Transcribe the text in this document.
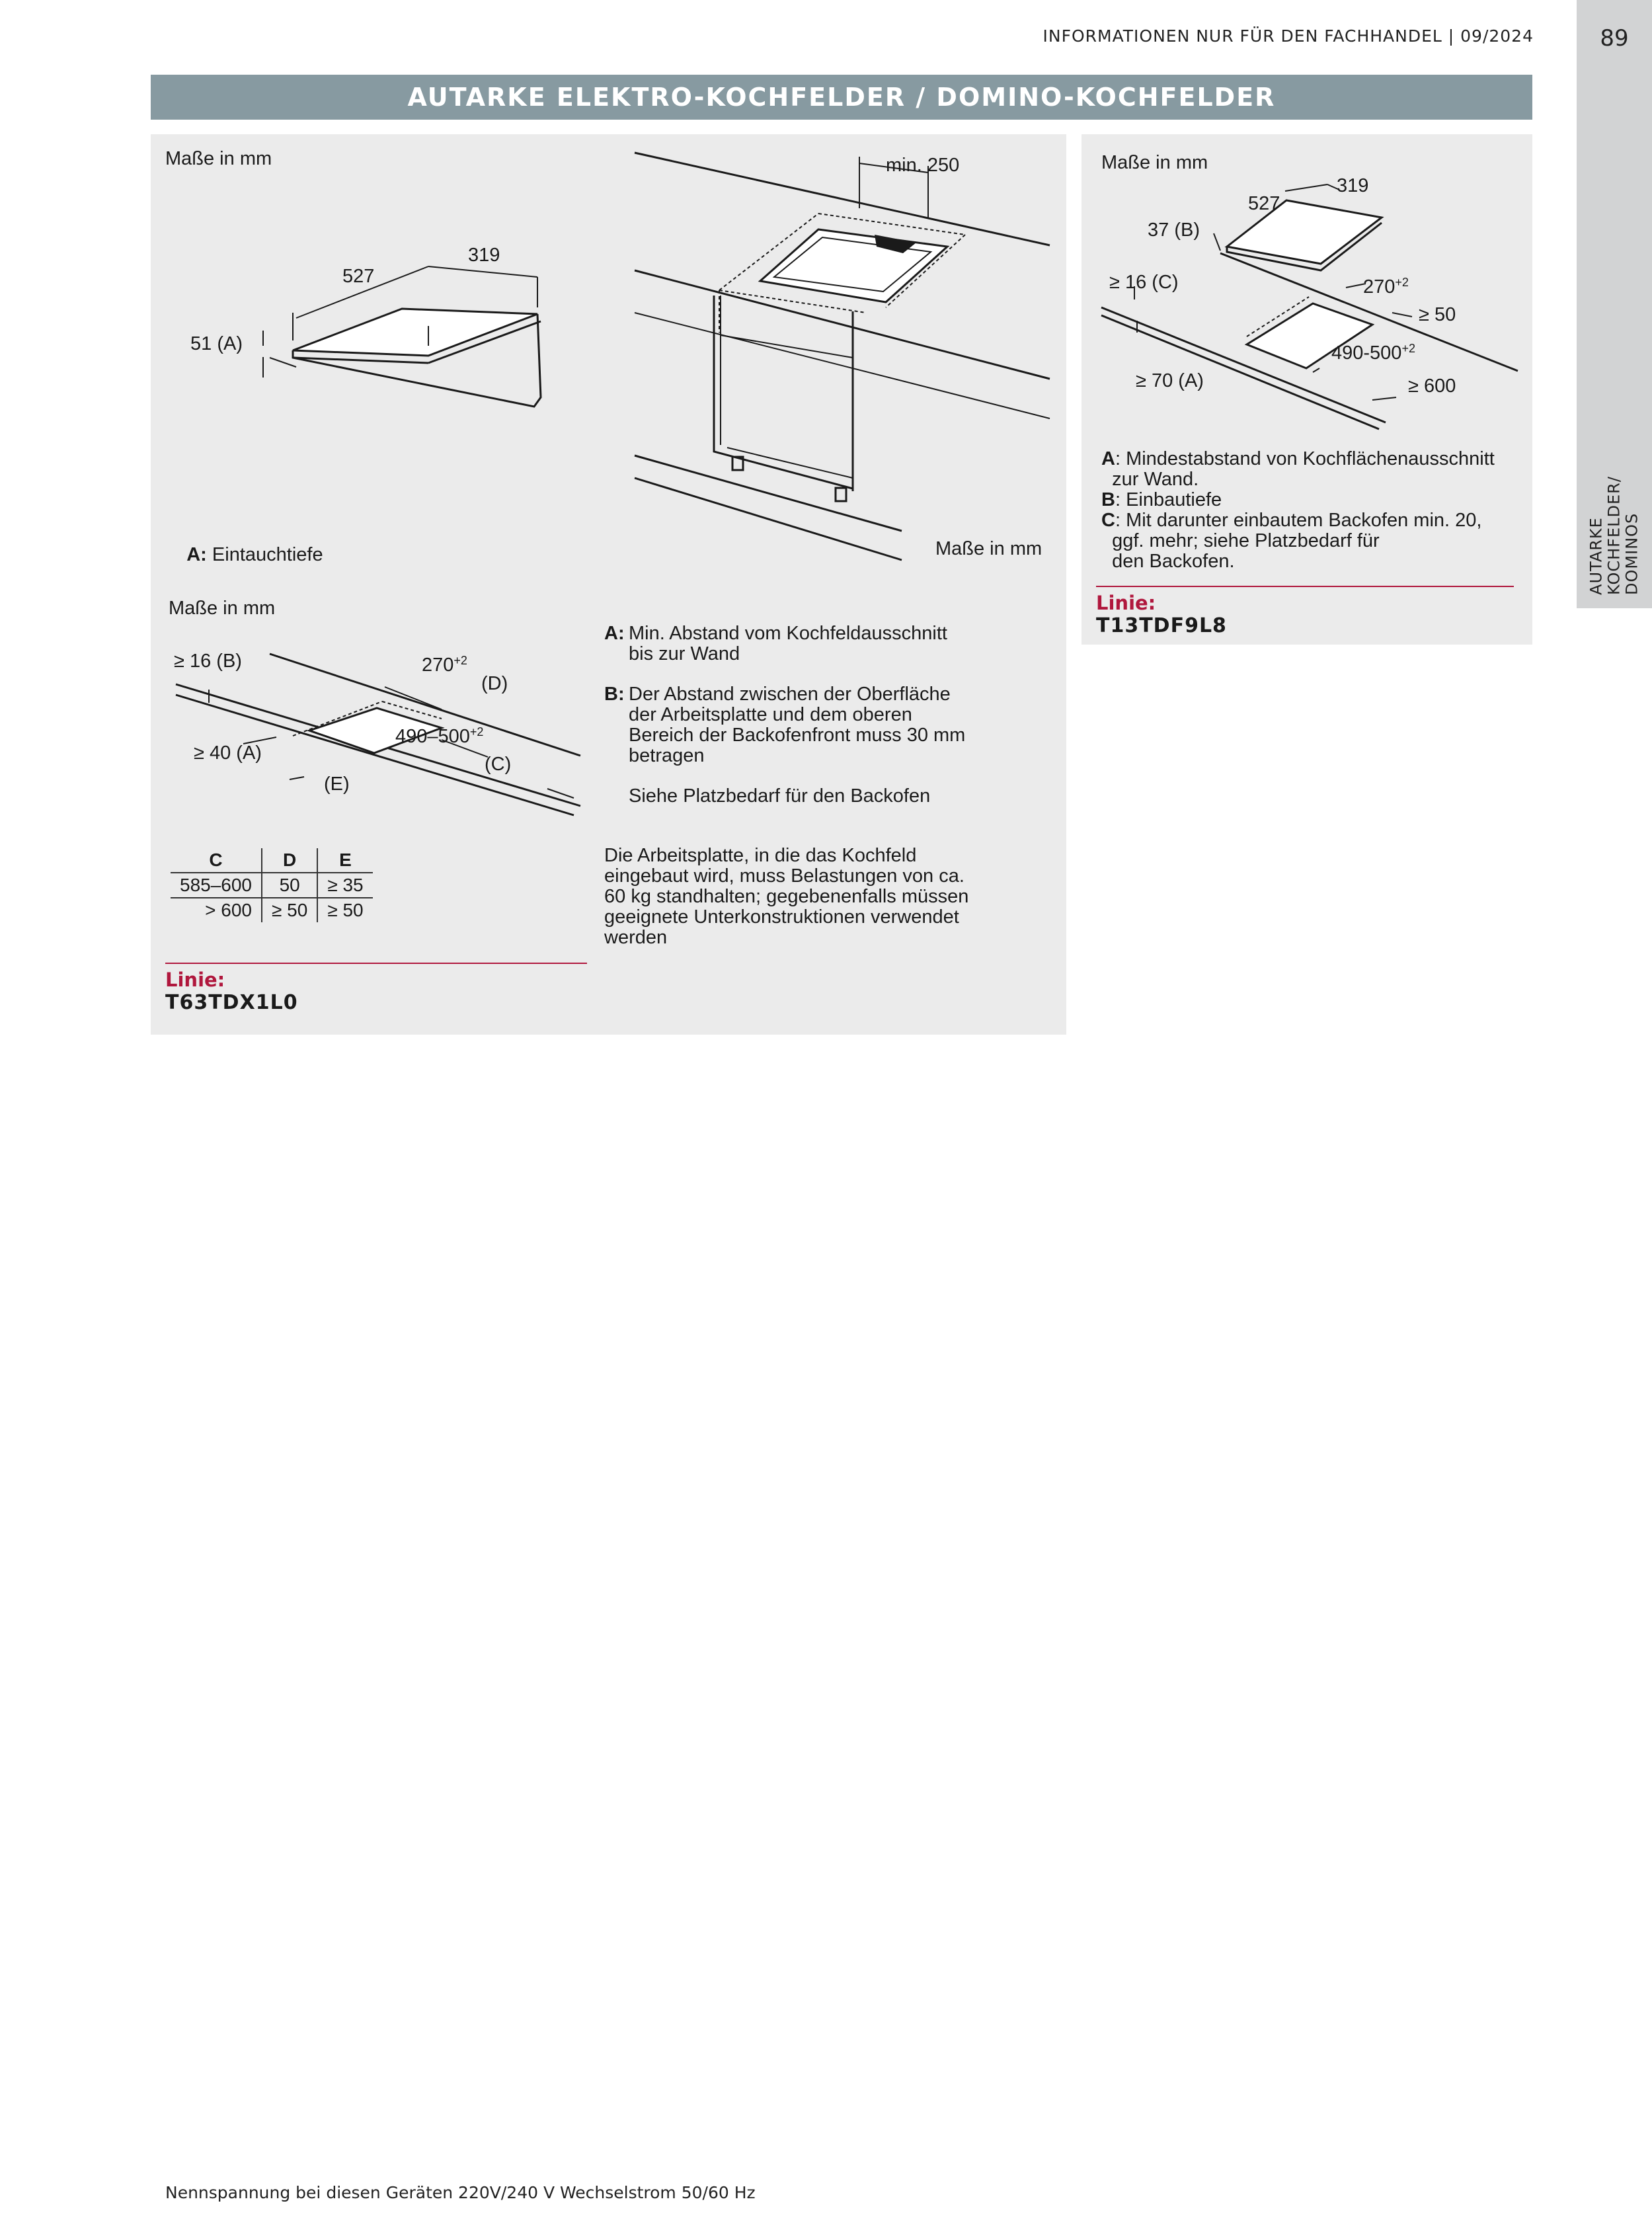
INFORMATIONEN NUR FÜR DEN FACHHANDEL | 09/2024	89
AUTARKE
KOCHFELDER/
DOMINOS
AUTARKE ELEKTRO-KOCHFELDER / DOMINO-KOCHFELDER
Maße in mm
527
319
51 (A)

A: Eintauchtiefe

min. 250
Maße in mm
Maße in mm
≥ 16 (B)	$270^{+2}$
(D)
≥ 40 (A)
$490-500^{+2}$
(C)
(E)
A: Min. Abstand vom Kochfeldausschnitt
bis zur Wand
B: Der Abstand zwischen der Oberfläche
der Arbeitsplatte und dem oberen
Bereich der Backofenfront muss 30 mm
betragen
Siehe Platzbedarf für den Backofen
Die Arbeitsplatte, in die das Kochfeld
eingebaut wird, muss Belastungen von ca.
60 kg standhalten; gegebenenfalls müssen
geeignete Unterkonstruktionen verwendet
werden
C	D	E
585–600	50	≥ 35
> 600	≥ 50	≥ 50
Linie:
T63TDX1L0
Maße in mm
527
319
37 (B)
≥ 16 (C)	$270^{+2}$
≥ 50
$490-500^{+2}$
≥ 70 (A)	≥ 600
A: Mindestabstand von Kochflächenausschnitt
zur Wand.
B: Einbautiefe
C: Mit darunter einbautem Backofen min. 20,
ggf. mehr; siehe Platzbedarf für
den Backofen.
Linie:
T13TDF9L8
Nennspannung bei diesen Geräten 220V/240 V Wechselstrom 50/60 Hz
